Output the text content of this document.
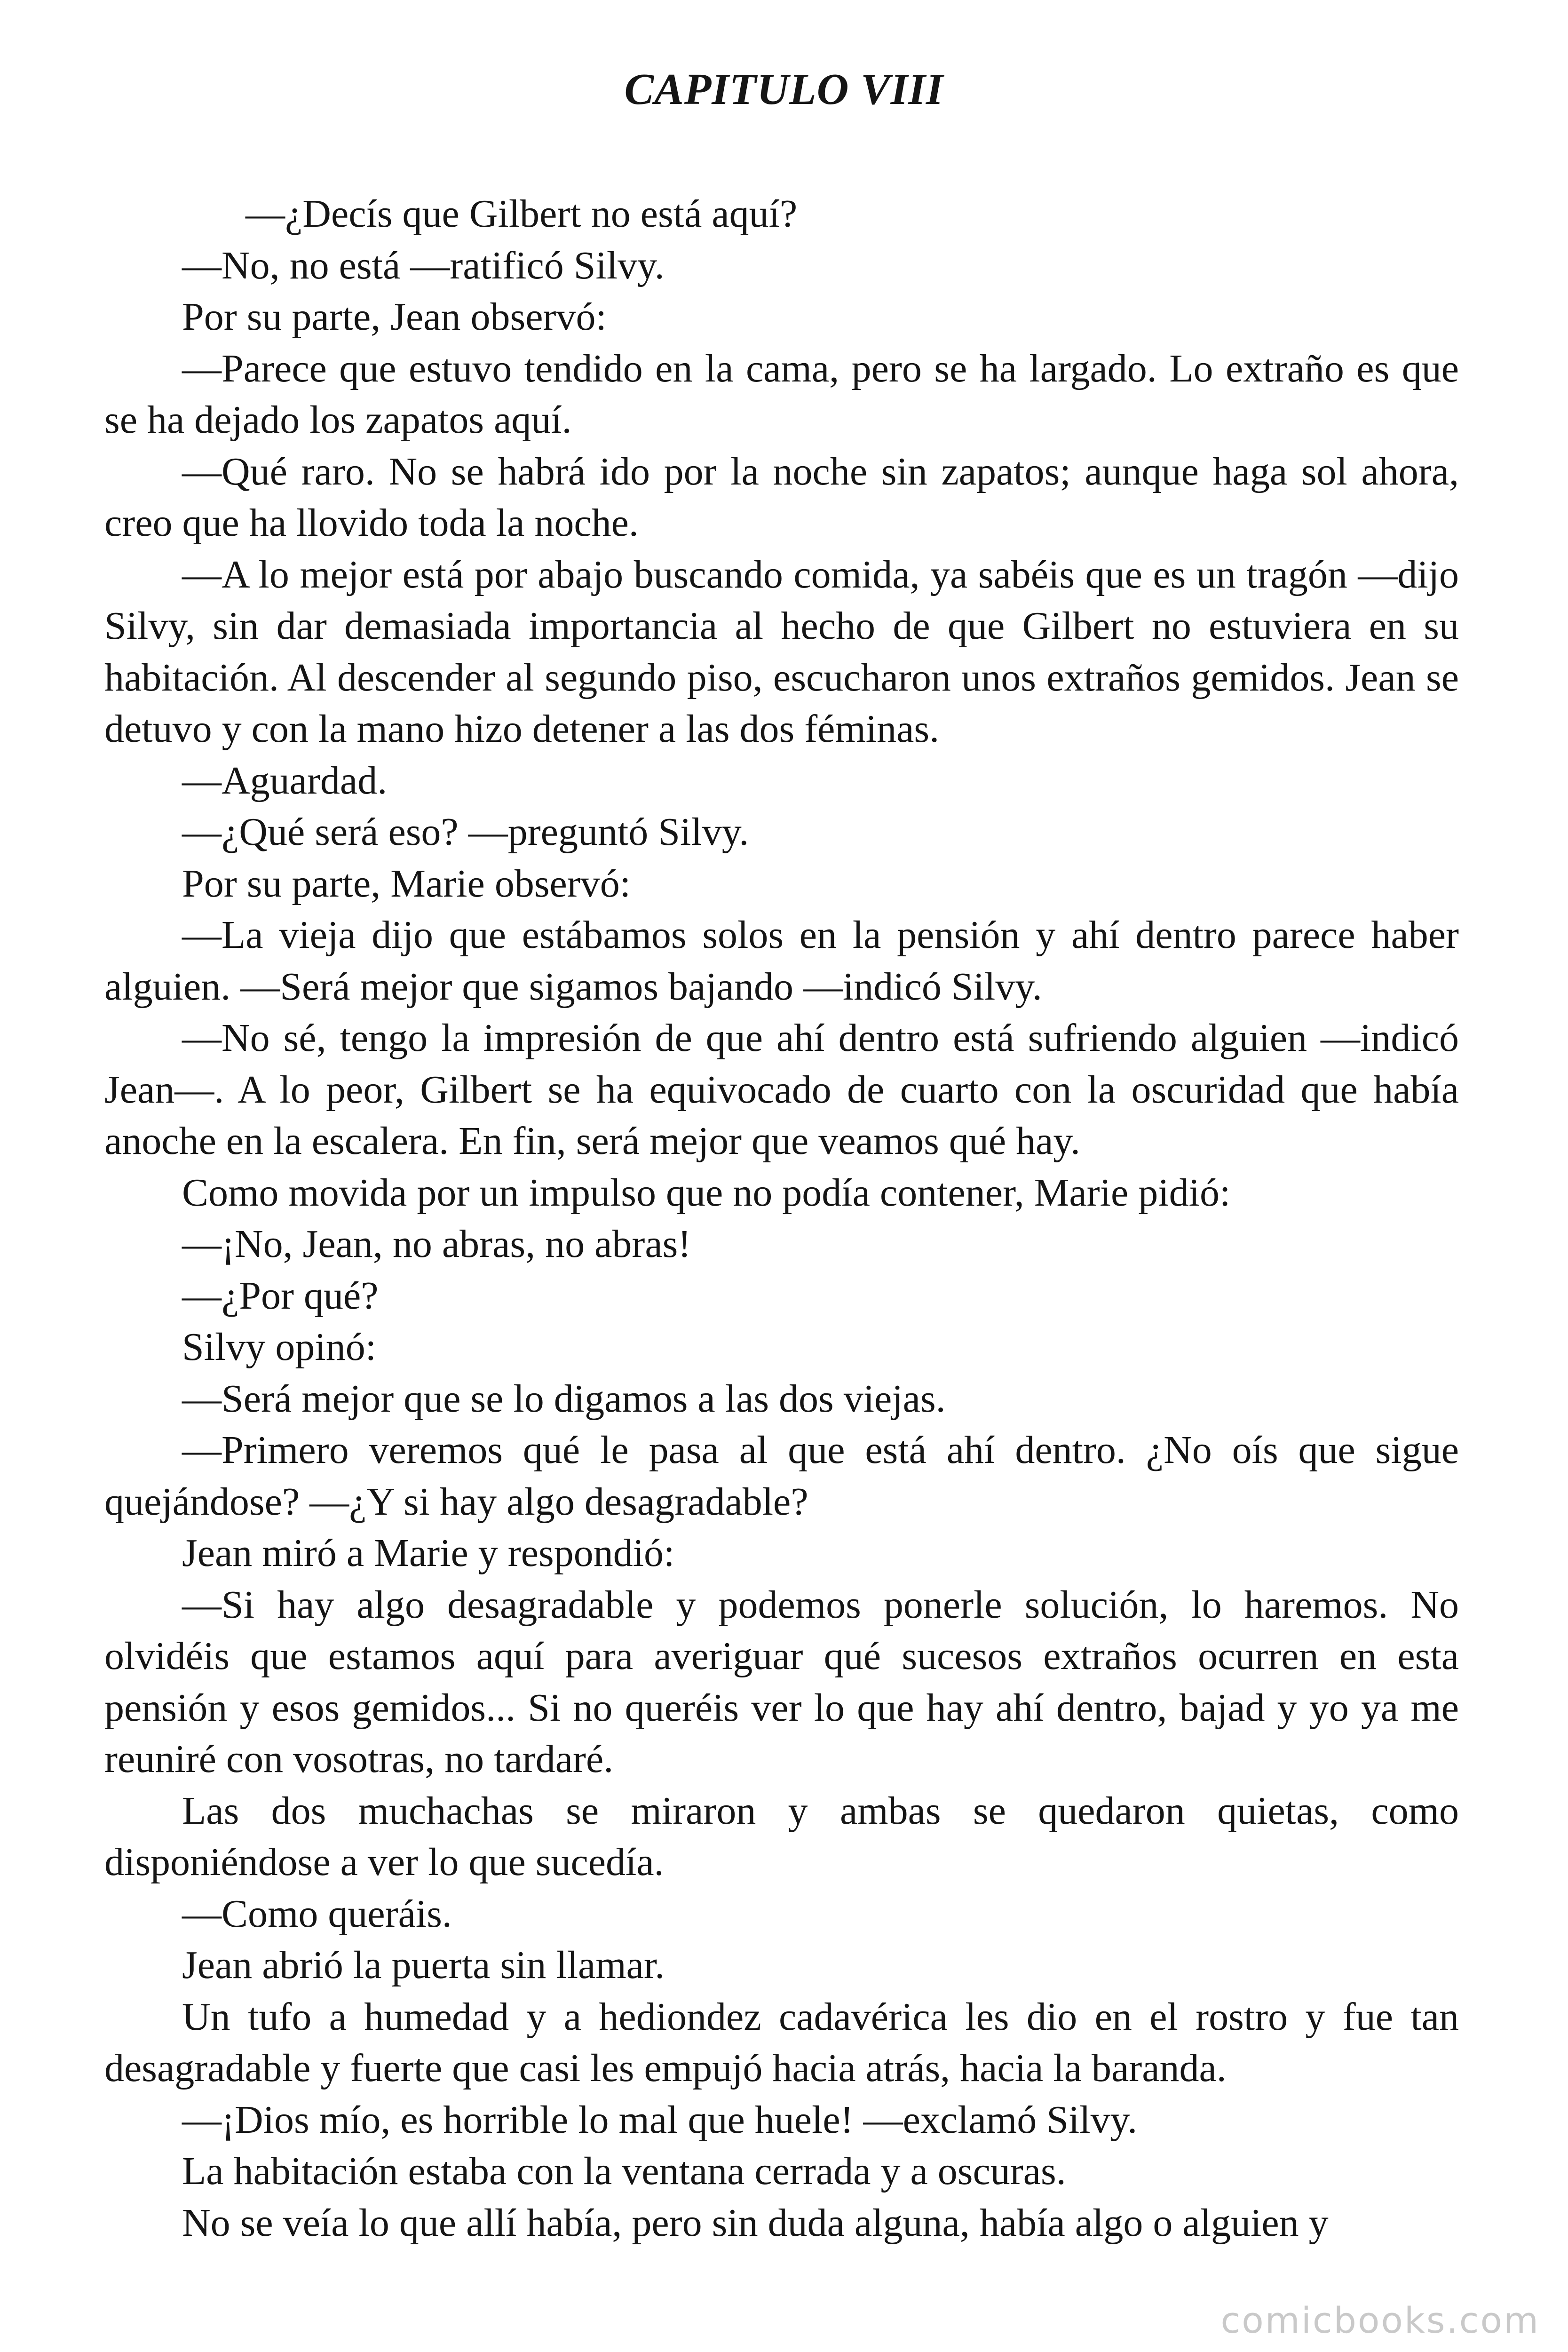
CAPITULO VIII

—¿Decís que Gilbert no está aquí?

—No, no está —ratificó Silvy.

Por su parte, Jean observó:

—Parece que estuvo tendido en la cama, pero se ha largado. Lo extraño es que se ha dejado los zapatos aquí.

—Qué raro. No se habrá ido por la noche sin zapatos; aunque haga sol ahora, creo que ha llovido toda la noche.

—A lo mejor está por abajo buscando comida, ya sabéis que es un tragón —dijo Silvy, sin dar demasiada importancia al hecho de que Gilbert no estuviera en su habitación. Al descender al segundo piso, escucharon unos extraños gemidos. Jean se detuvo y con la mano hizo detener a las dos féminas.

—Aguardad.

—¿Qué será eso? —preguntó Silvy.

Por su parte, Marie observó:

—La vieja dijo que estábamos solos en la pensión y ahí dentro parece haber alguien. —Será mejor que sigamos bajando —indicó Silvy.

—No sé, tengo la impresión de que ahí dentro está sufriendo alguien —indicó Jean—. A lo peor, Gilbert se ha equivocado de cuarto con la oscuridad que había anoche en la escalera. En fin, será mejor que veamos qué hay.

Como movida por un impulso que no podía contener, Marie pidió:

—¡No, Jean, no abras, no abras!

—¿Por qué?

Silvy opinó:

—Será mejor que se lo digamos a las dos viejas.

—Primero veremos qué le pasa al que está ahí dentro. ¿No oís que sigue quejándose? —¿Y si hay algo desagradable?

Jean miró a Marie y respondió:

—Si hay algo desagradable y podemos ponerle solución, lo haremos. No olvidéis que estamos aquí para averiguar qué sucesos extraños ocurren en esta pensión y esos gemidos... Si no queréis ver lo que hay ahí dentro, bajad y yo ya me reuniré con vosotras, no tardaré.

Las dos muchachas se miraron y ambas se quedaron quietas, como disponiéndose a ver lo que sucedía.

—Como queráis.

Jean abrió la puerta sin llamar.

Un tufo a humedad y a hediondez cadavérica les dio en el rostro y fue tan desagradable y fuerte que casi les empujó hacia atrás, hacia la baranda.

—¡Dios mío, es horrible lo mal que huele! —exclamó Silvy.

La habitación estaba con la ventana cerrada y a oscuras.

No se veía lo que allí había, pero sin duda alguna, había algo o alguien y

comicbooks.com
